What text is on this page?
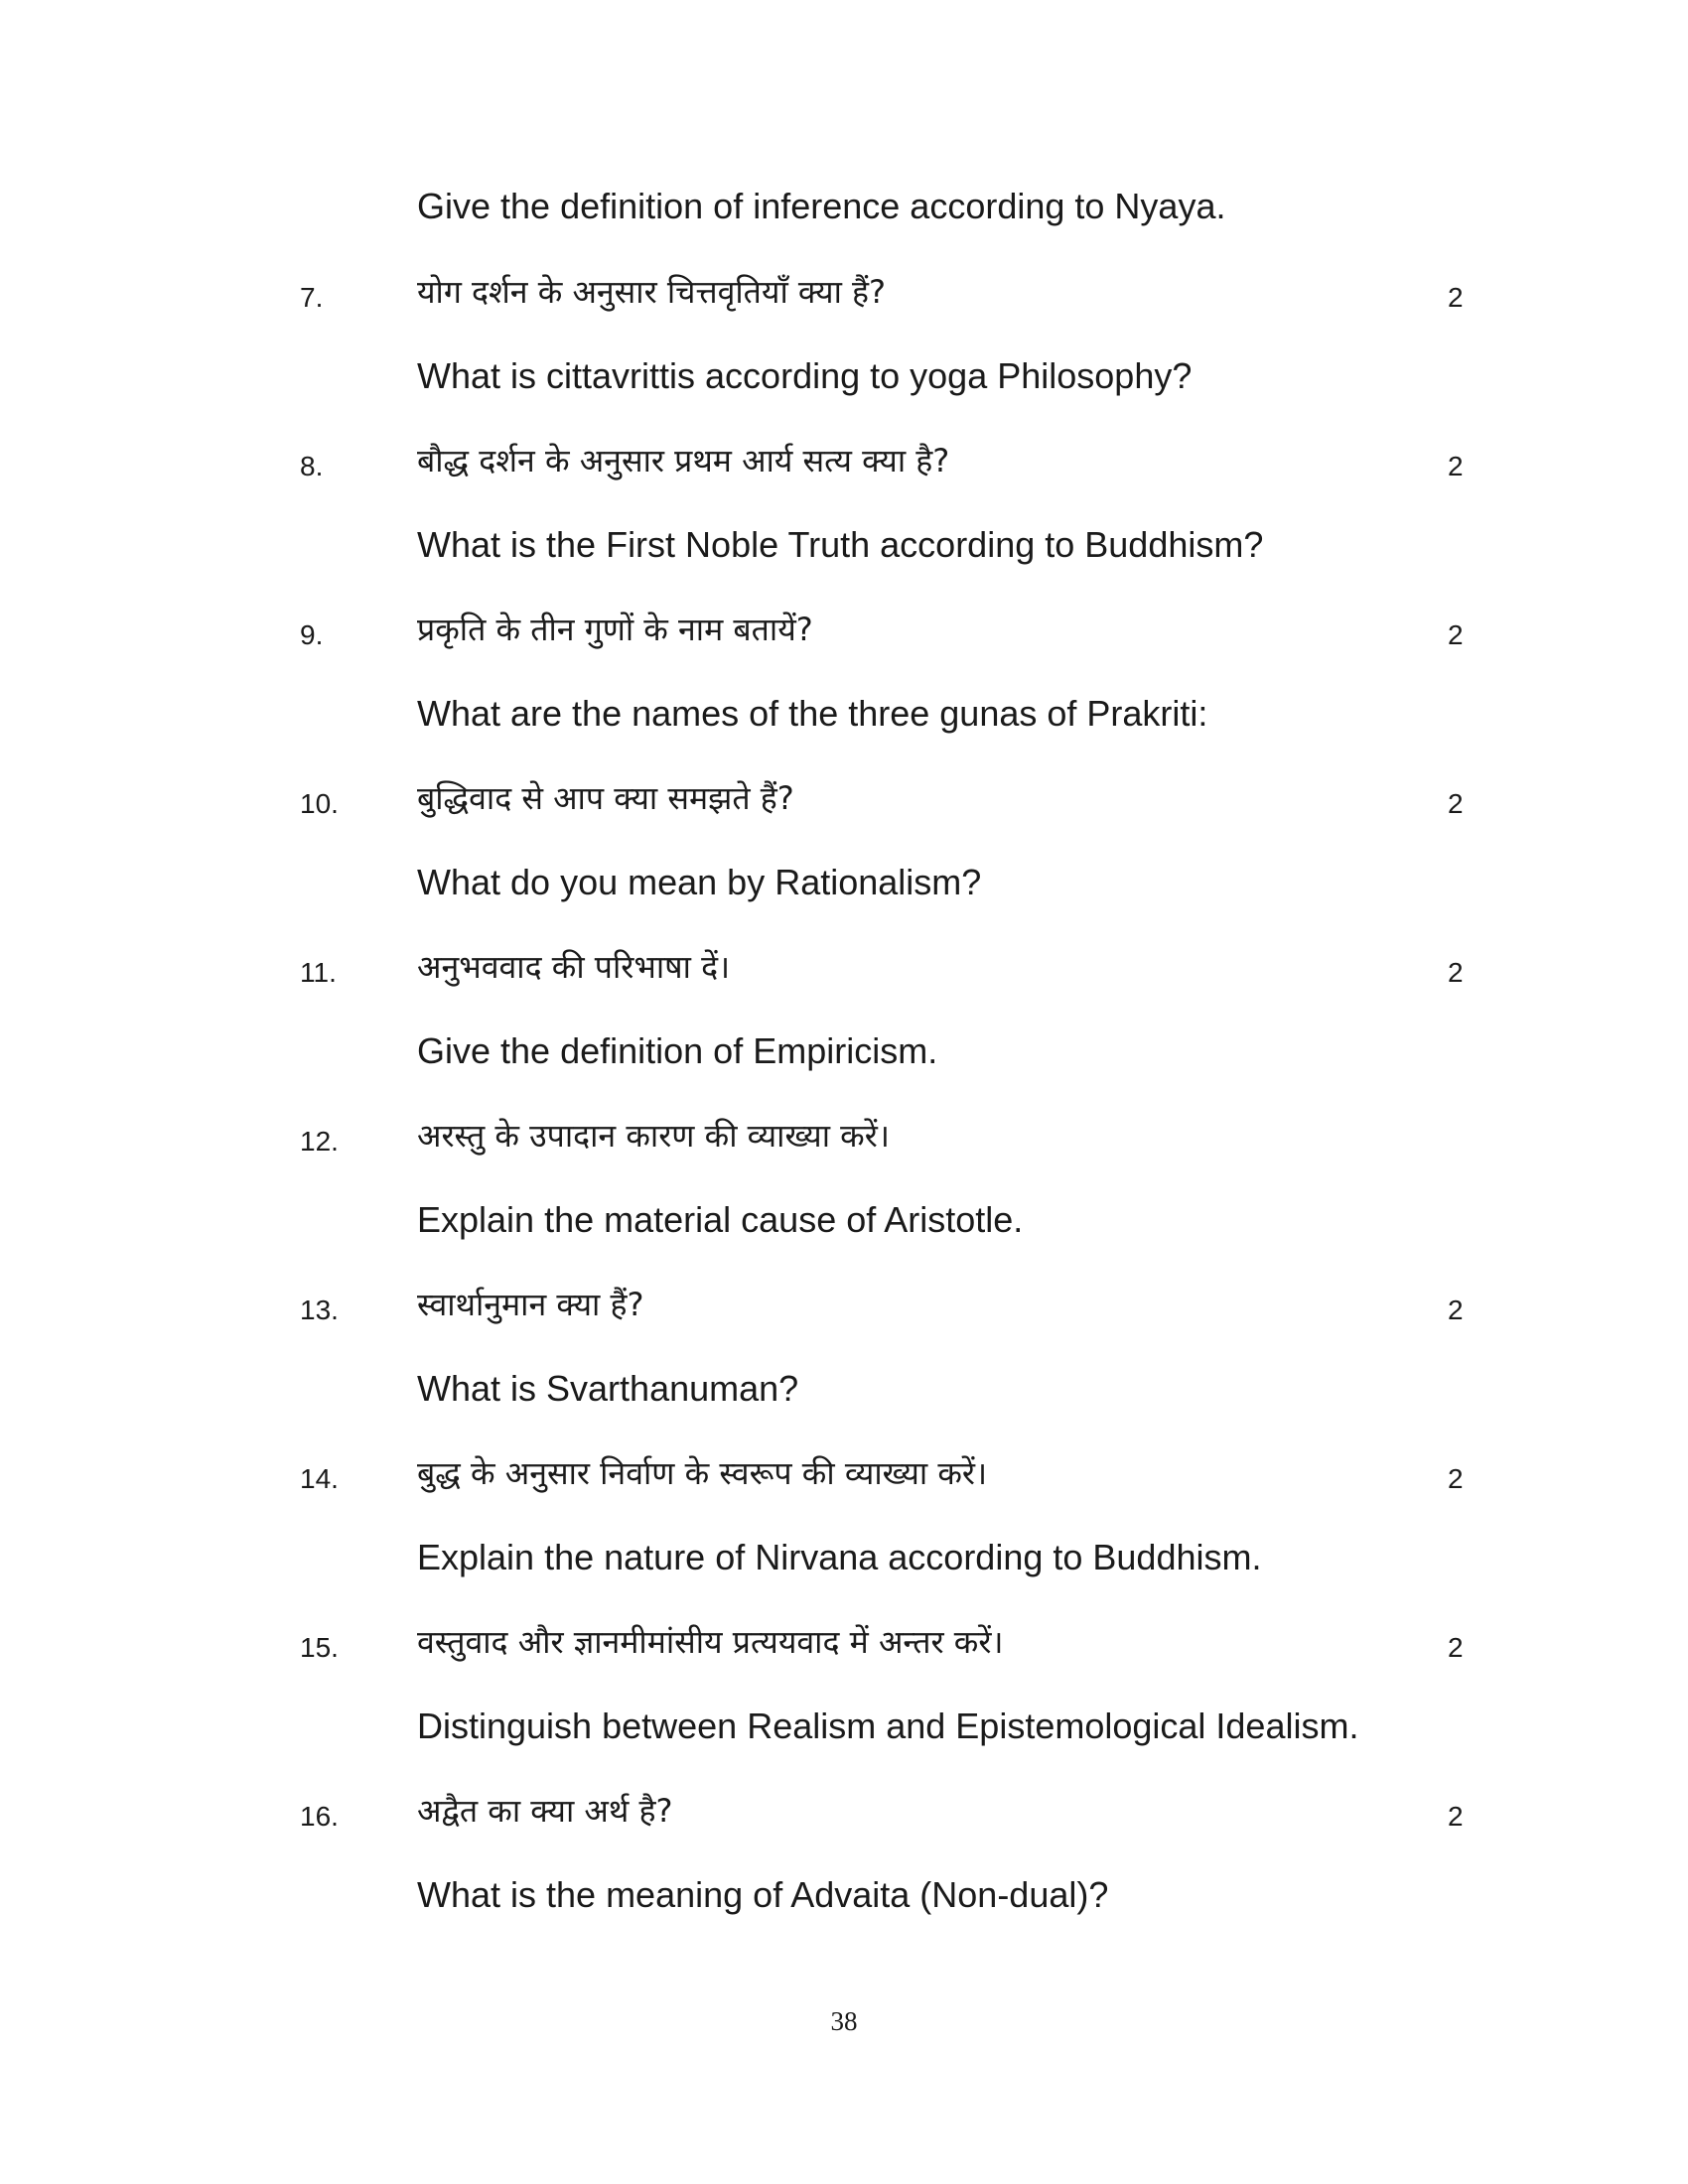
Give the definition of inference according to Nyaya.
7.	योग दर्शन के अनुसार चित्तवृतियाँ क्या हैं?	2
What is cittavrittis according to yoga Philosophy?
8.	बौद्ध दर्शन के अनुसार प्रथम आर्य सत्य क्या है?	2
What is the First Noble Truth according to Buddhism?
9.	प्रकृति के तीन गुणों के नाम बतायें?	2
What are the names of the three gunas of Prakriti:
10. बुद्धिवाद से आप क्या समझते हैं?	2
What do you mean by Rationalism?
11.	अनुभववाद की परिभाषा दें।	2
Give the definition of Empiricism.
12. अरस्तु के उपादान कारण की व्याख्या करें।
Explain the material cause of Aristotle.
13. स्वार्थानुमान क्या हैं?	2
What is Svarthanuman?
14. बुद्ध के अनुसार निर्वाण के स्वरूप की व्याख्या करें।	2
Explain the nature of Nirvana according to Buddhism.
15. वस्तुवाद और ज्ञानमीमांसीय प्रत्ययवाद में अन्तर करें।	2
Distinguish between Realism and Epistemological Idealism.
16. अद्वैत का क्या अर्थ है?	2
What is the meaning of Advaita (Non-dual)?
38
